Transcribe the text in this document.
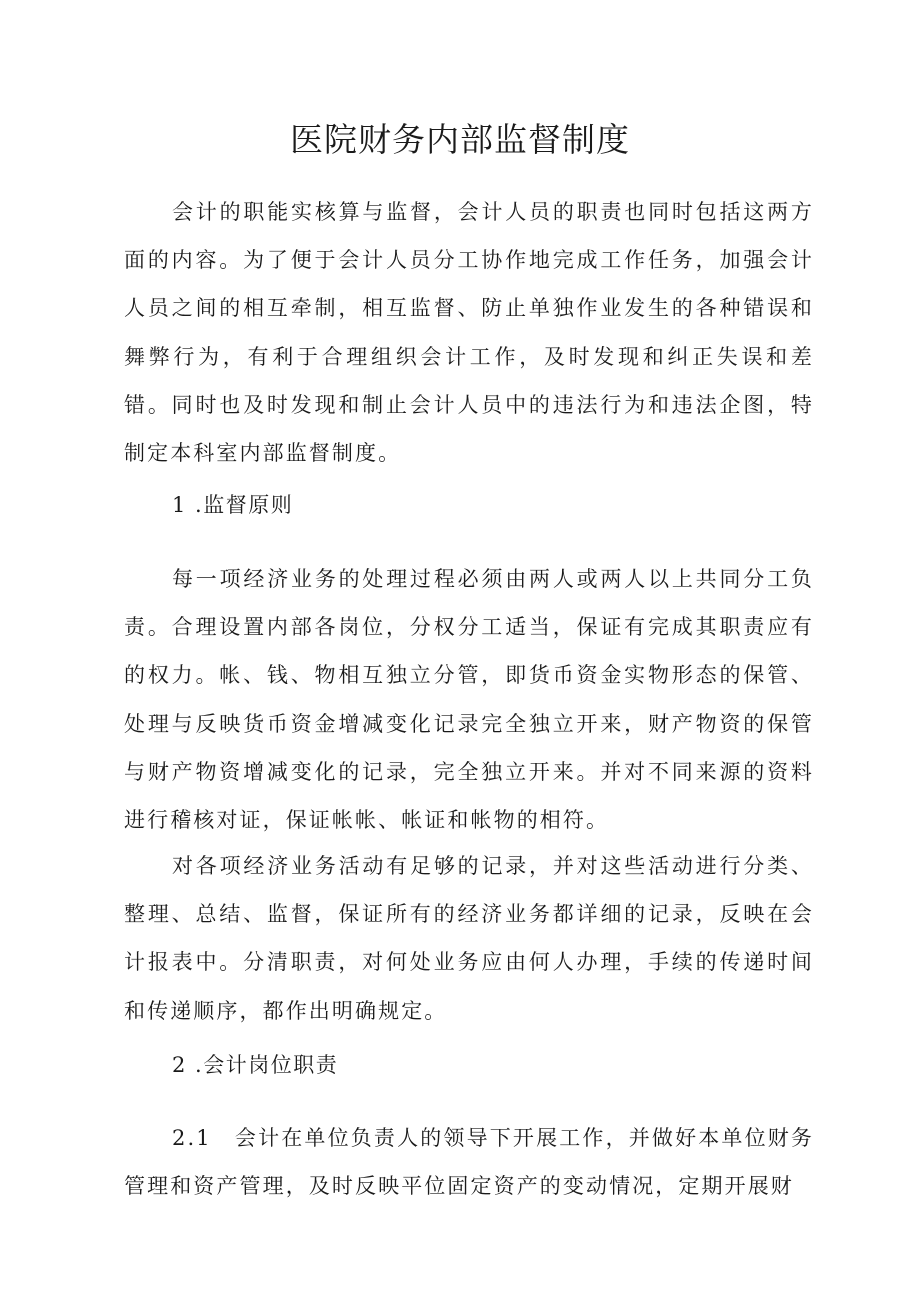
医院财务内部监督制度

会计的职能实核算与监督，会计人员的职责也同时包括这两方面的内容。为了便于会计人员分工协作地完成工作任务，加强会计人员之间的相互牵制，相互监督、防止单独作业发生的各种错误和舞弊行为，有利于合理组织会计工作，及时发现和纠正失误和差错。同时也及时发现和制止会计人员中的违法行为和违法企图，特制定本科室内部监督制度。

1 .监督原则

每一项经济业务的处理过程必须由两人或两人以上共同分工负责。合理设置内部各岗位，分权分工适当，保证有完成其职责应有的权力。帐、钱、物相互独立分管，即货币资金实物形态的保管、处理与反映货币资金增减变化记录完全独立开来，财产物资的保管与财产物资增减变化的记录，完全独立开来。并对不同来源的资料进行稽核对证，保证帐帐、帐证和帐物的相符。

对各项经济业务活动有足够的记录，并对这些活动进行分类、整理、总结、监督，保证所有的经济业务都详细的记录，反映在会计报表中。分清职责，对何处业务应由何人办理，手续的传递时间和传递顺序，都作出明确规定。

2 .会计岗位职责

2.1　会计在单位负责人的领导下开展工作，并做好本单位财务管理和资产管理，及时反映平位固定资产的变动情况，定期开展财
